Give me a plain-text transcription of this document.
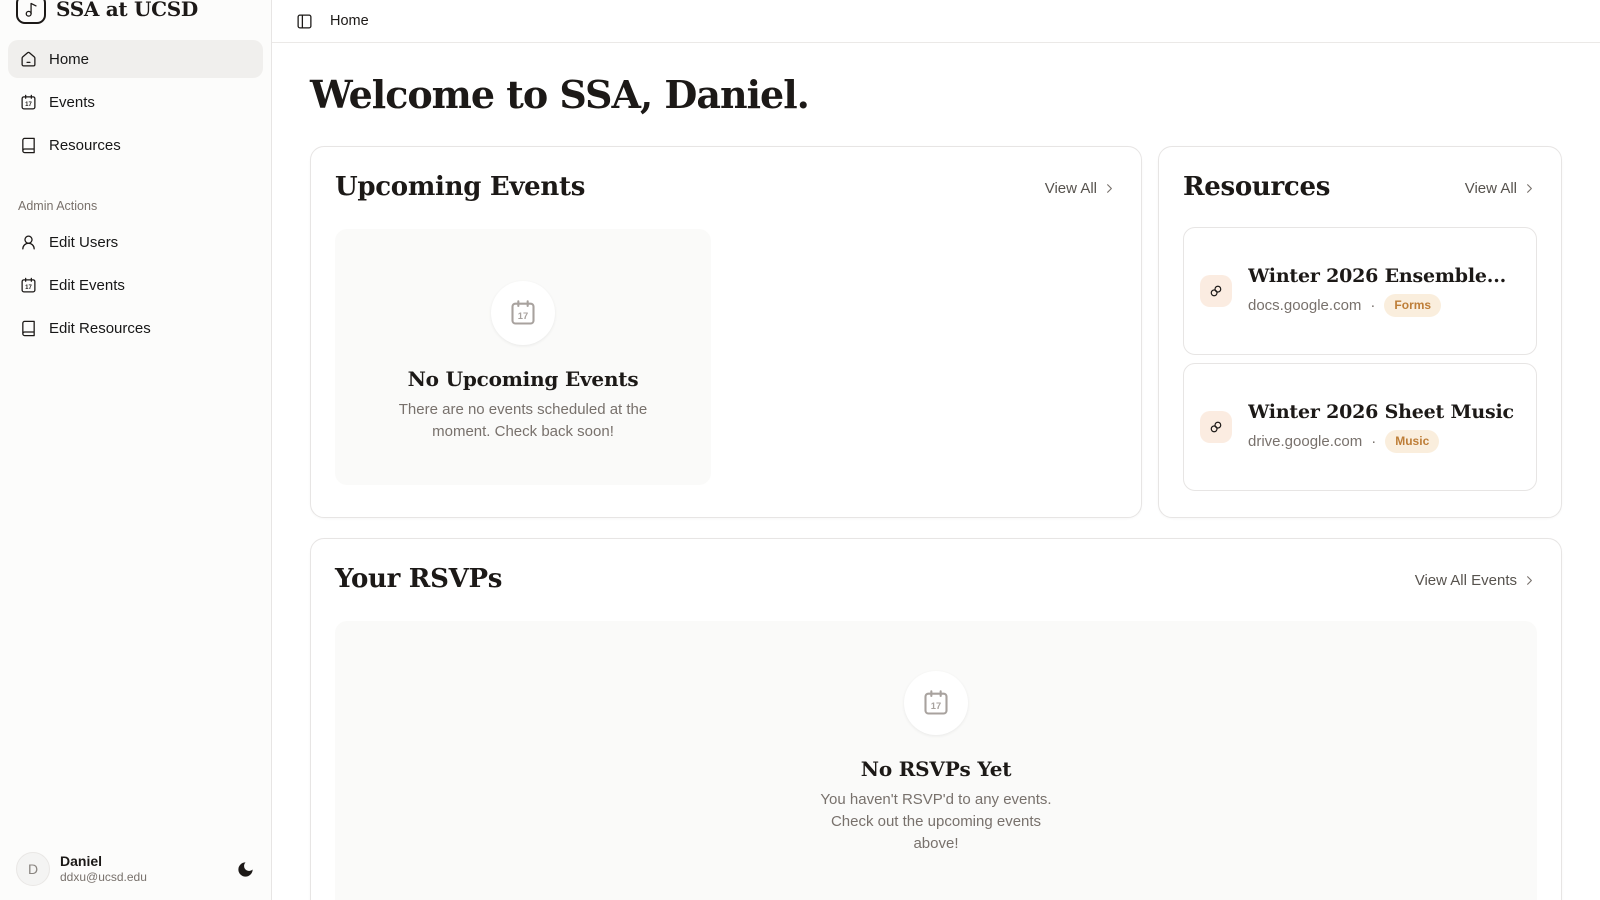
SSA at UCSD
Home
17 Events
Resources
Admin Actions
Edit Users
17 Edit Events
Edit Resources
D
Daniel
ddxu@ucsd.edu
Home
Welcome to SSA, Daniel.
Upcoming Events	View All
17
No Upcoming Events
There are no events scheduled at the moment. Check back soon!
Resources	View All
Winter 2026 Ensemble...
docs.google.com ·	Forms
Winter 2026 Sheet Music
drive.google.com ·	Music
Your RSVPs	View All Events
17
No RSVPs Yet
You haven't RSVP'd to any events. Check out the upcoming events above!
